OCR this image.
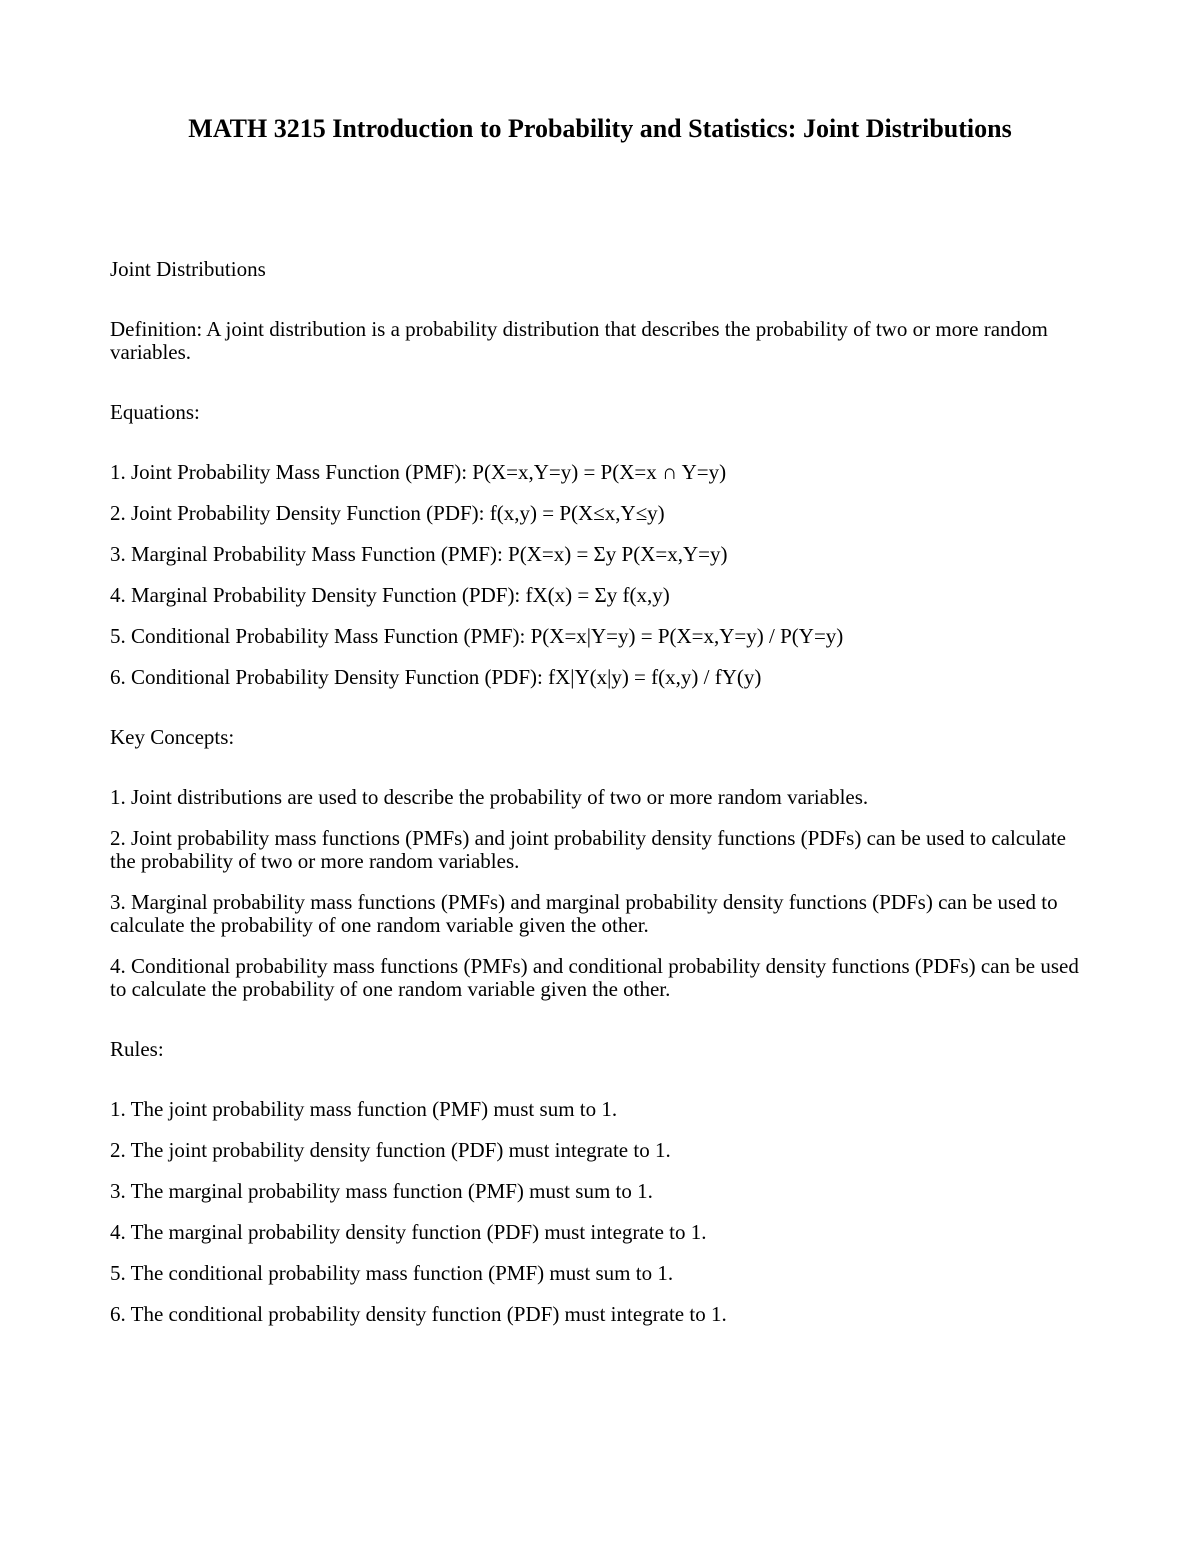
MATH 3215 Introduction to Probability and Statistics: Joint Distributions

Joint Distributions

Definition: A joint distribution is a probability distribution that describes the probability of two or more random variables.

Equations:

1. Joint Probability Mass Function (PMF): P(X=x,Y=y) = P(X=x ∩ Y=y)
2. Joint Probability Density Function (PDF): f(x,y) = P(X≤x,Y≤y)
3. Marginal Probability Mass Function (PMF): P(X=x) = Σy P(X=x,Y=y)
4. Marginal Probability Density Function (PDF): fX(x) = Σy f(x,y)
5. Conditional Probability Mass Function (PMF): P(X=x|Y=y) = P(X=x,Y=y) / P(Y=y)
6. Conditional Probability Density Function (PDF): fX|Y(x|y) = f(x,y) / fY(y)

Key Concepts:

1. Joint distributions are used to describe the probability of two or more random variables.
2. Joint probability mass functions (PMFs) and joint probability density functions (PDFs) can be used to calculate the probability of two or more random variables.
3. Marginal probability mass functions (PMFs) and marginal probability density functions (PDFs) can be used to calculate the probability of one random variable given the other.
4. Conditional probability mass functions (PMFs) and conditional probability density functions (PDFs) can be used to calculate the probability of one random variable given the other.

Rules:

1. The joint probability mass function (PMF) must sum to 1.
2. The joint probability density function (PDF) must integrate to 1.
3. The marginal probability mass function (PMF) must sum to 1.
4. The marginal probability density function (PDF) must integrate to 1.
5. The conditional probability mass function (PMF) must sum to 1.
6. The conditional probability density function (PDF) must integrate to 1.
